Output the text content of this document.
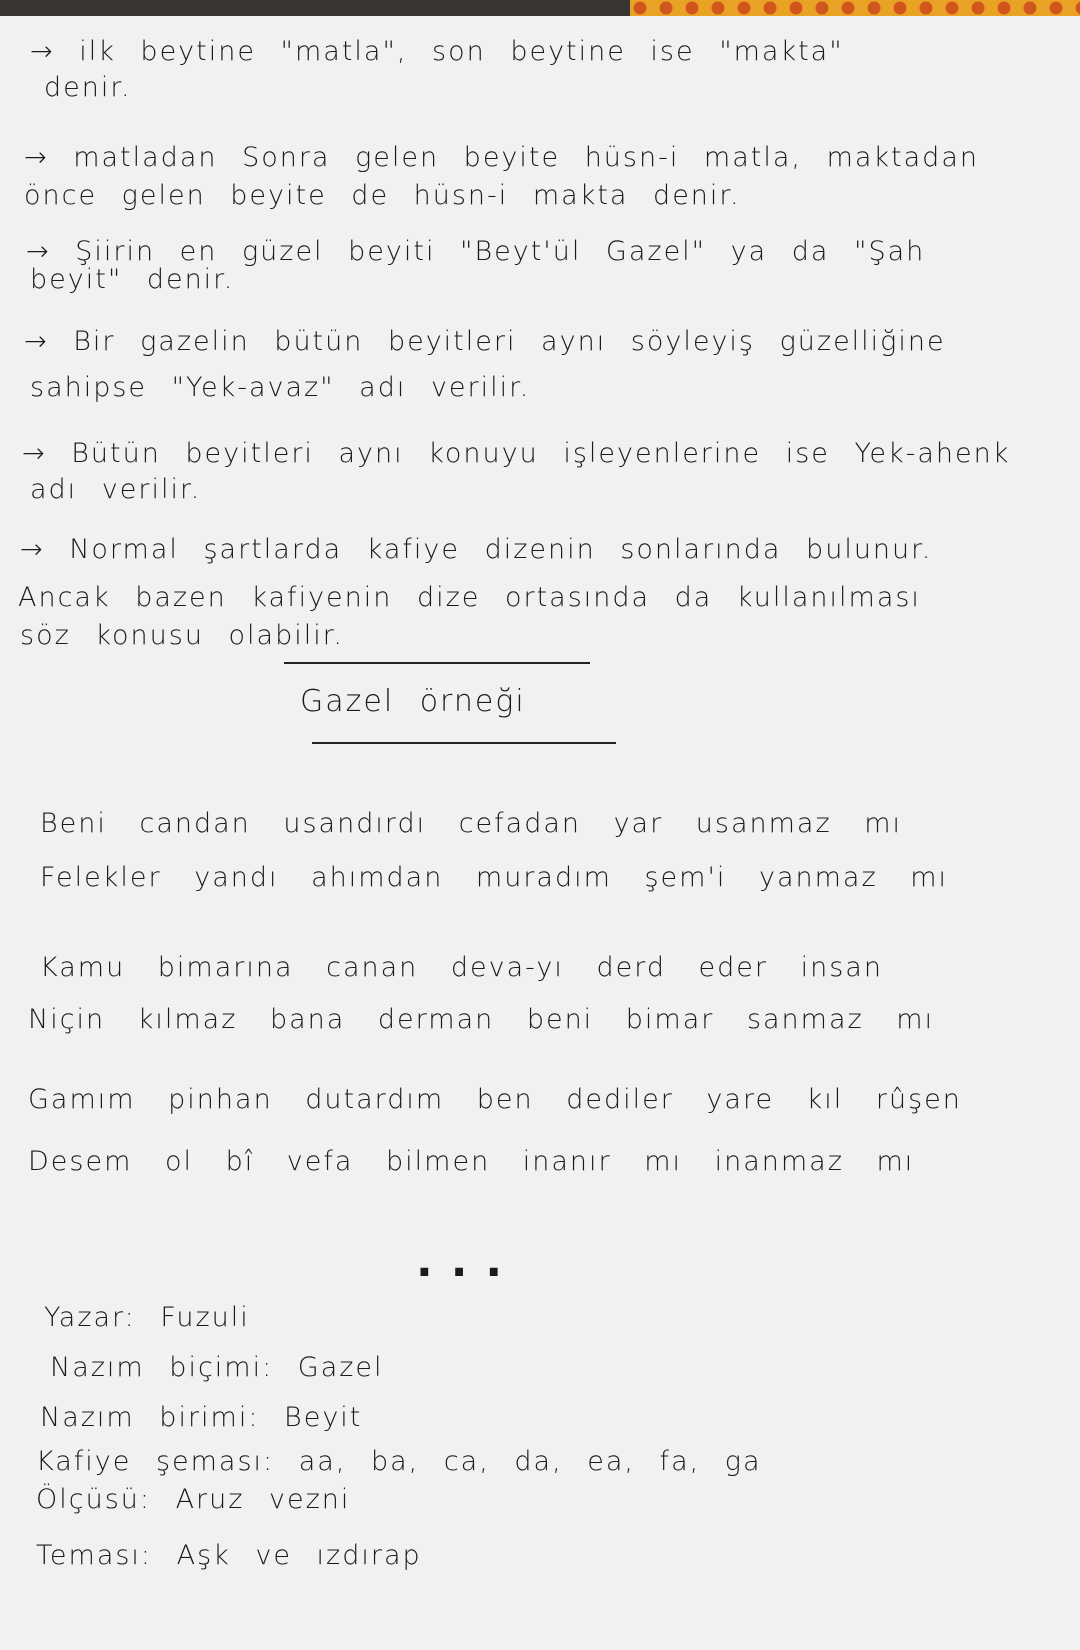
→ ilk beytine "matla", son beytine ise "makta"
denir.
→ matladan Sonra gelen beyite hüsn-i matla, maktadan
önce gelen beyite de hüsn-i makta denir.
→ Şiirin en güzel beyiti "Beyt'ül Gazel" ya da "Şah
beyit" denir.
→ Bir gazelin bütün beyitleri aynı söyleyiş güzelliğine
sahipse "Yek-avaz" adı verilir.
→ Bütün beyitleri aynı konuyu işleyenlerine ise Yek-ahenk
adı verilir.
→ Normal şartlarda kafiye dizenin sonlarında bulunur.
Ancak bazen kafiyenin dize ortasında da kullanılması
söz konusu olabilir.
Gazel örneği
Beni candan usandırdı cefadan yar usanmaz mı
Felekler yandı ahımdan muradım şem'i yanmaz mı
Kamu bimarına canan deva-yı derd eder insan
Niçin kılmaz bana derman beni bimar sanmaz mı
Gamım pinhan dutardım ben dediler yare kıl rûşen
Desem ol bî vefa bilmen inanır mı inanmaz mı
...
Yazar: Fuzuli
Nazım biçimi: Gazel
Nazım birimi: Beyit
Kafiye şeması: aa, ba, ca, da, ea, fa, ga
Ölçüsü: Aruz vezni
Teması: Aşk ve ızdırap
